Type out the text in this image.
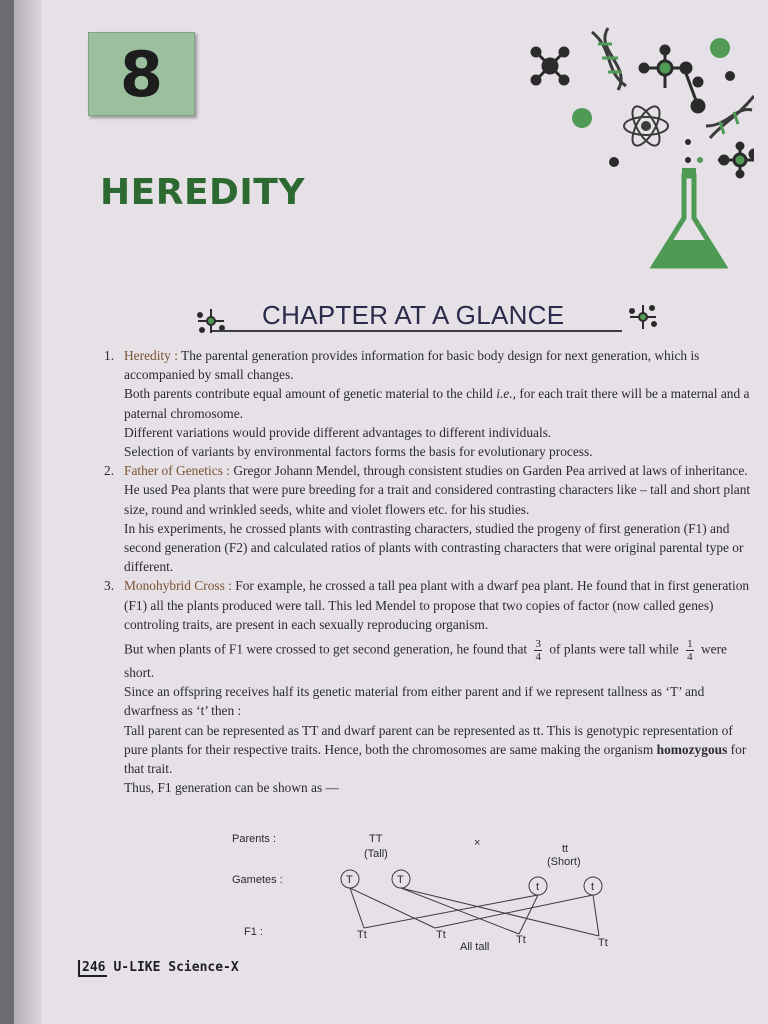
8
HEREDITY
CHAPTER AT A GLANCE
1. Heredity : The parental generation provides information for basic body design for next generation, which is accompanied by small changes.

Both parents contribute equal amount of genetic material to the child i.e., for each trait there will be a maternal and a paternal chromosome.

Different variations would provide different advantages to different individuals.

Selection of variants by environmental factors forms the basis for evolutionary process.

2. Father of Genetics : Gregor Johann Mendel, through consistent studies on Garden Pea arrived at laws of inheritance.

He used Pea plants that were pure breeding for a trait and considered contrasting characters like – tall and short plant size, round and wrinkled seeds, white and violet flowers etc. for his studies.

In his experiments, he crossed plants with contrasting characters, studied the progeny of first generation (F1) and second generation (F2) and calculated ratios of plants with contrasting characters that were original parental type or different.

3. Monohybrid Cross : For example, he crossed a tall pea plant with a dwarf pea plant. He found that in first generation (F1) all the plants produced were tall. This led Mendel to propose that two copies of factor (now called genes) controling traits, are present in each sexually reproducing organism.

But when plants of F1 were crossed to get second generation, he found that $\frac{3}{4}$ of plants were tall while $\frac{1}{4}$ were short.

Since an offspring receives half its genetic material from either parent and if we represent tallness as ‘T’ and dwarfness as ‘t’ then :

Tall parent can be represented as TT and dwarf parent can be represented as tt. This is genotypic representation of pure plants for their respective traits. Hence, both the chromosomes are same making the organism homozygous for that trait.

Thus, F1 generation can be shown as —

Parents :	TT
(Tall)
×	tt
(Short)
Gametes :	T	T
t	t
F1 :	Tt	Tt	Tt	Tt
All tall
246 U-LIKE Science-X
